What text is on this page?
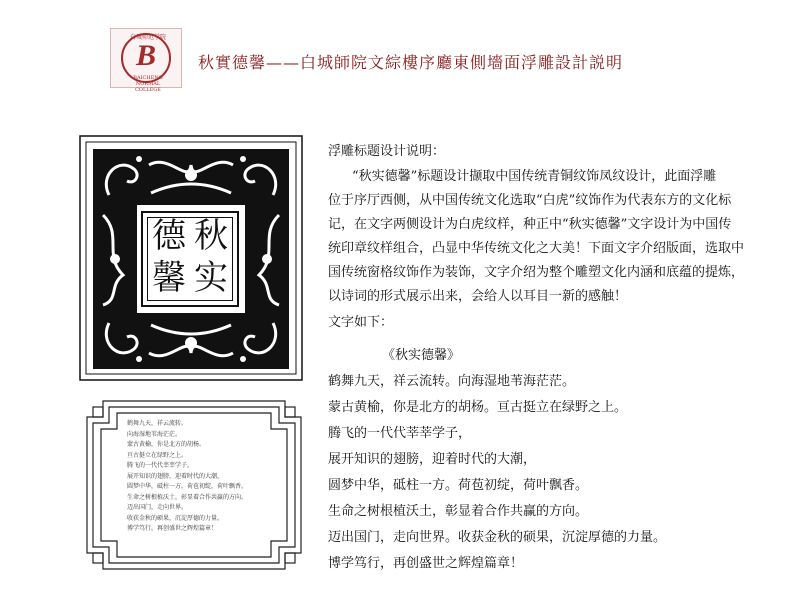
白城师范学院
B
BAICHENG NORMAL COLLEGE
秋實德馨——白城師院文綜樓序廳東側墻面浮雕設計説明
秋
实
德
馨
鹤舞九天，祥云流转。
向海湿地苇海茫茫。
蒙古黄榆，你是北方的胡杨。
亘古挺立在绿野之上。
腾飞的一代代莘莘学子，
展开知识的翅膀，迎着时代的大潮，
圆梦中华，砥柱一方。荷苞初绽，荷叶飘香。
生命之树根植沃土，彰显着合作共赢的方向。
迈出国门，走向世界。
收获金秋的硕果，沉淀厚德的力量。
博学笃行，再创盛世之辉煌篇章！
浮雕标题设计说明：
“秋实德馨”标题设计撷取中国传统青铜纹饰凤纹设计，此面浮雕
位于序厅西侧，从中国传统文化选取“白虎”纹饰作为代表东方的文化标
记，在文字两侧设计为白虎纹样，种正中“秋实德馨”文字设计为中国传
统印章纹样组合，凸显中华传统文化之大美！下面文字介绍版面，选取中
国传统窗格纹饰作为装饰，文字介绍为整个雕塑文化内涵和底蕴的提炼，
以诗词的形式展示出来，会给人以耳目一新的感触！
文字如下：
《秋实德馨》
鹤舞九天，祥云流转。向海湿地苇海茫茫。
蒙古黄榆，你是北方的胡杨。亘古挺立在绿野之上。
腾飞的一代代莘莘学子，
展开知识的翅膀，迎着时代的大潮，
圆梦中华，砥柱一方。荷苞初绽，荷叶飘香。
生命之树根植沃土，彰显着合作共赢的方向。
迈出国门，走向世界。收获金秋的硕果，沉淀厚德的力量。
博学笃行，再创盛世之辉煌篇章！
